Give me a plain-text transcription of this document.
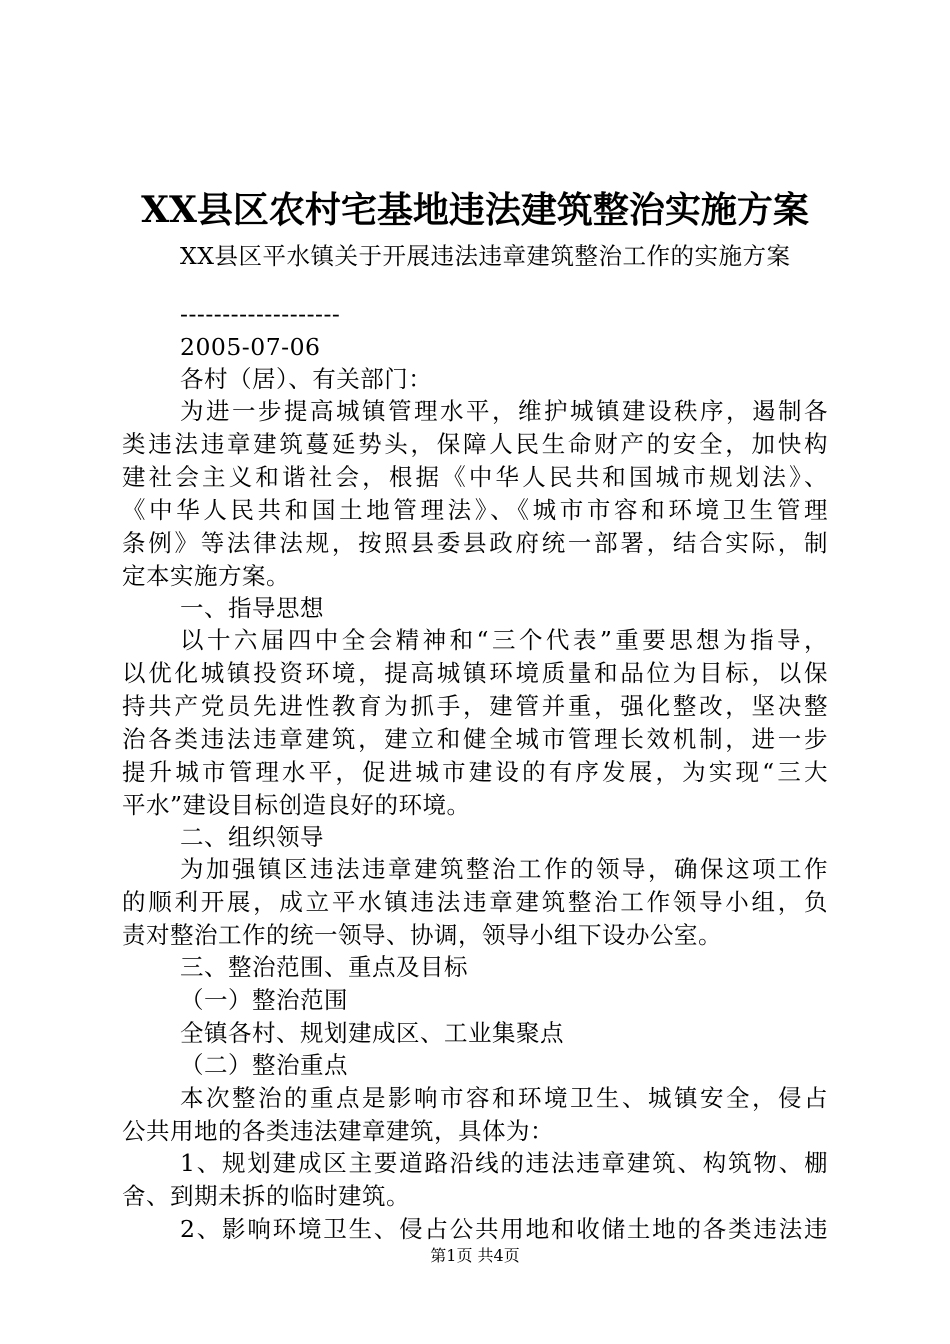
XX县区农村宅基地违法建筑整治实施方案
XX县区平水镇关于开展违法违章建筑整治工作的实施方案
-------------------
2005-07-06
各村（居）、有关部门：
为进一步提高城镇管理水平，维护城镇建设秩序，遏制各
类违法违章建筑蔓延势头，保障人民生命财产的安全，加快构
建社会主义和谐社会，根据《中华人民共和国城市规划法》、
《中华人民共和国土地管理法》、《城市市容和环境卫生管理
条例》等法律法规，按照县委县政府统一部署，结合实际，制
定本实施方案。
一、指导思想
以十六届四中全会精神和“三个代表”重要思想为指导，
以优化城镇投资环境，提高城镇环境质量和品位为目标，以保
持共产党员先进性教育为抓手，建管并重，强化整改，坚决整
治各类违法违章建筑，建立和健全城市管理长效机制，进一步
提升城市管理水平，促进城市建设的有序发展，为实现“三大
平水”建设目标创造良好的环境。
二、组织领导
为加强镇区违法违章建筑整治工作的领导，确保这项工作
的顺利开展，成立平水镇违法违章建筑整治工作领导小组，负
责对整治工作的统一领导、协调，领导小组下设办公室。
三、整治范围、重点及目标
（一）整治范围
全镇各村、规划建成区、工业集聚点
（二）整治重点
本次整治的重点是影响市容和环境卫生、城镇安全，侵占
公共用地的各类违法建章建筑，具体为：
1、规划建成区主要道路沿线的违法违章建筑、构筑物、棚
舍、到期未拆的临时建筑。
2、影响环境卫生、侵占公共用地和收储土地的各类违法违
第1页 共4页
